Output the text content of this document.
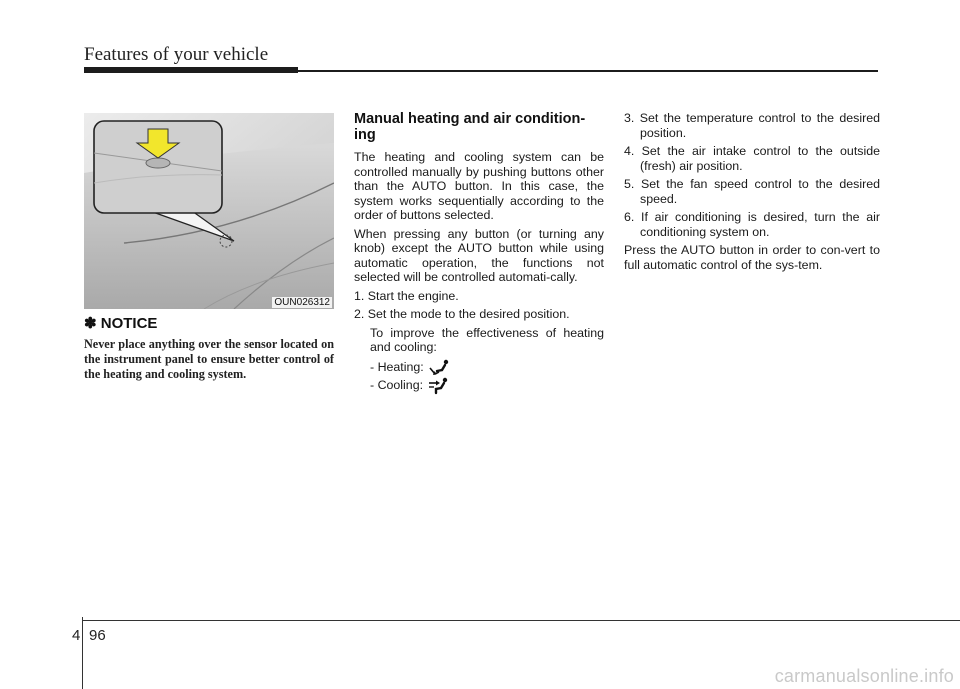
Features of your vehicle
OUN026312
✽ NOTICE
Never place anything over the sensor located on the instrument panel to ensure better control of the heating and cooling system.
Manual heating and air condition-ing

The heating and cooling system can be controlled manually by pushing buttons other than the AUTO button. In this case, the system works sequentially according to the order of buttons selected.

When pressing any button (or turning any knob) except the AUTO button while using automatic operation, the functions not selected will be controlled automati-cally.

1. Start the engine.

2. Set the mode to the desired position.

To improve the effectiveness of heating and cooling:

- Heating:
- Cooling:

3. Set the temperature control to the desired position.

4. Set the air intake control to the outside (fresh) air position.

5. Set the fan speed control to the desired speed.

6. If air conditioning is desired, turn the air conditioning system on.

Press the AUTO button in order to con-vert to full automatic control of the sys-tem.

4 96
carmanualsonline.info
